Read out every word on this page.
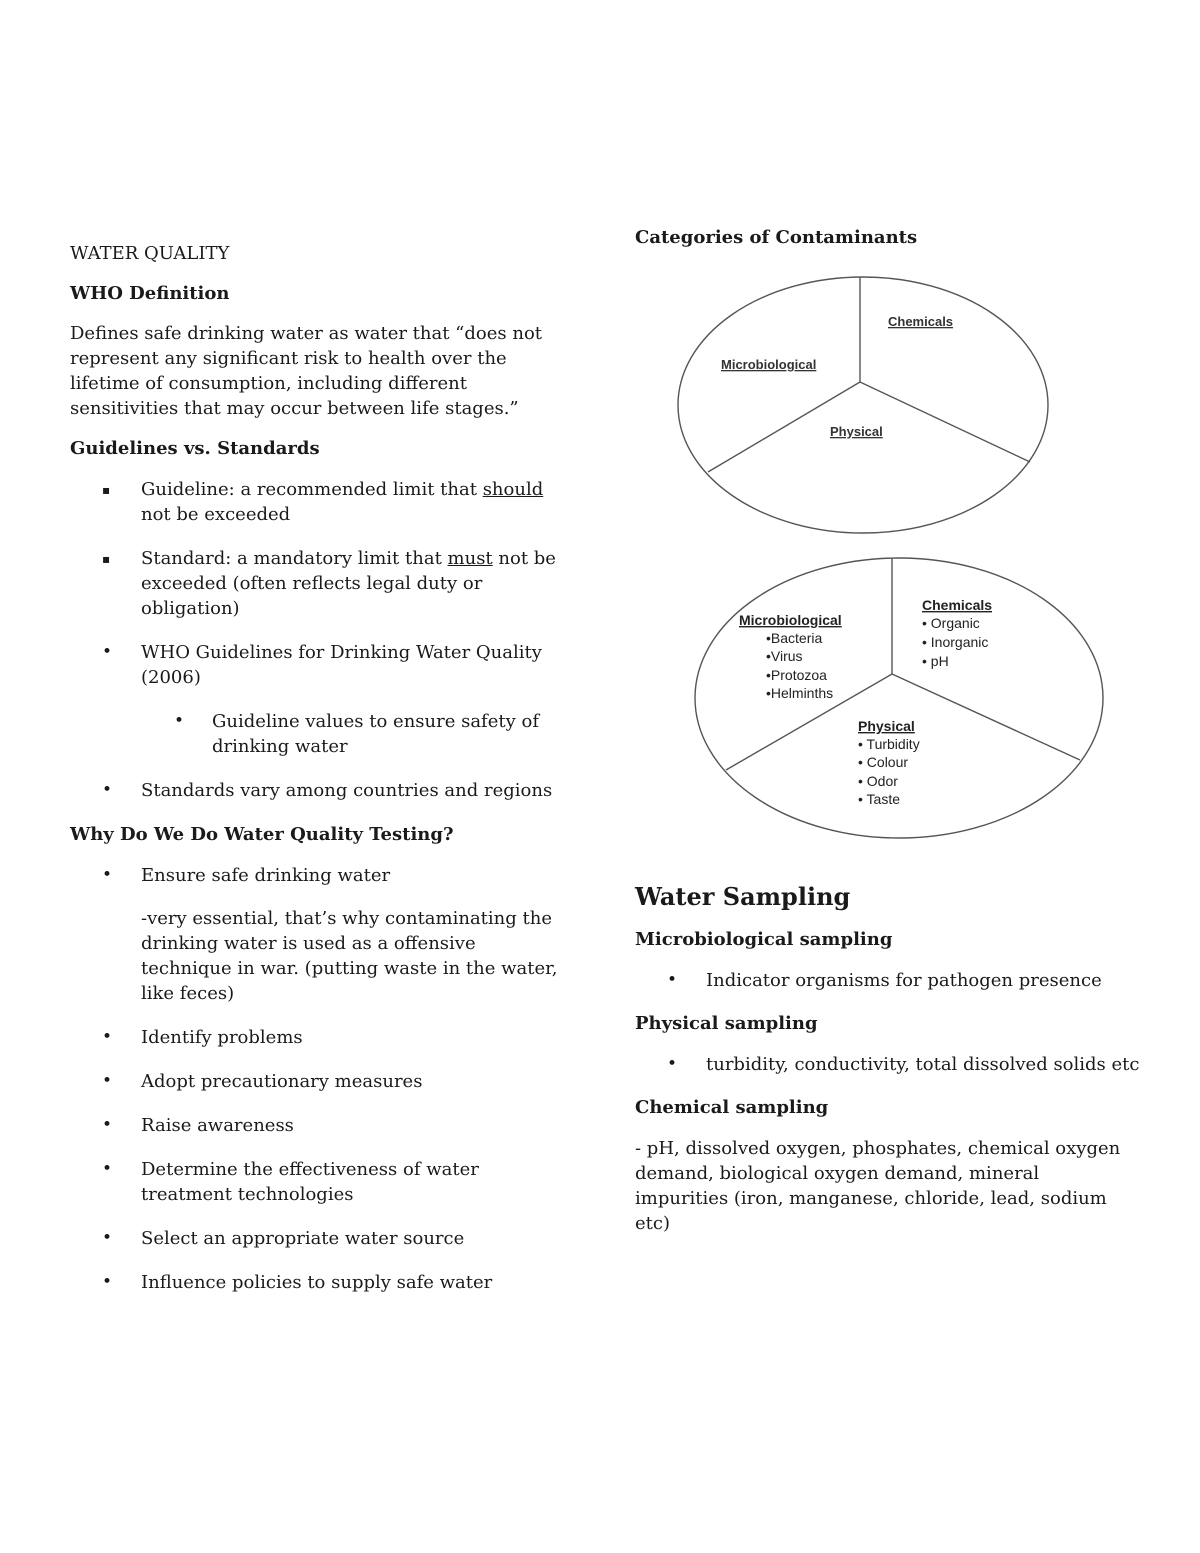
WATER QUALITY

WHO Definition

Defines safe drinking water as water that “does not represent any significant risk to health over the lifetime of consumption, including different sensitivities that may occur between life stages.”

Guidelines vs. Standards

▪ Guideline: a recommended limit that should not be exceeded
▪ Standard: a mandatory limit that must not be exceeded (often reflects legal duty or obligation)
• WHO Guidelines for Drinking Water Quality (2006)
• Guideline values to ensure safety of drinking water
• Standards vary among countries and regions

Why Do We Do Water Quality Testing?

• Ensure safe drinking water
-very essential, that’s why contaminating the drinking water is used as a offensive technique in war. (putting waste in the water, like feces)
• Identify problems
• Adopt precautionary measures
• Raise awareness
• Determine the effectiveness of water treatment technologies
• Select an appropriate water source
• Influence policies to supply safe water

Categories of Contaminants

Microbiological
Chemicals
Physical
Microbiological
•Bacteria
•Virus
•Protozoa
•Helminths
Chemicals
• Organic
• Inorganic
• pH
Physical
• Turbidity
• Colour
• Odor
• Taste

Water Sampling

Microbiological sampling

• Indicator organisms for pathogen presence

Physical sampling

• turbidity, conductivity, total dissolved solids etc

Chemical sampling

- pH, dissolved oxygen, phosphates, chemical oxygen demand, biological oxygen demand, mineral impurities (iron, manganese, chloride, lead, sodium etc)
